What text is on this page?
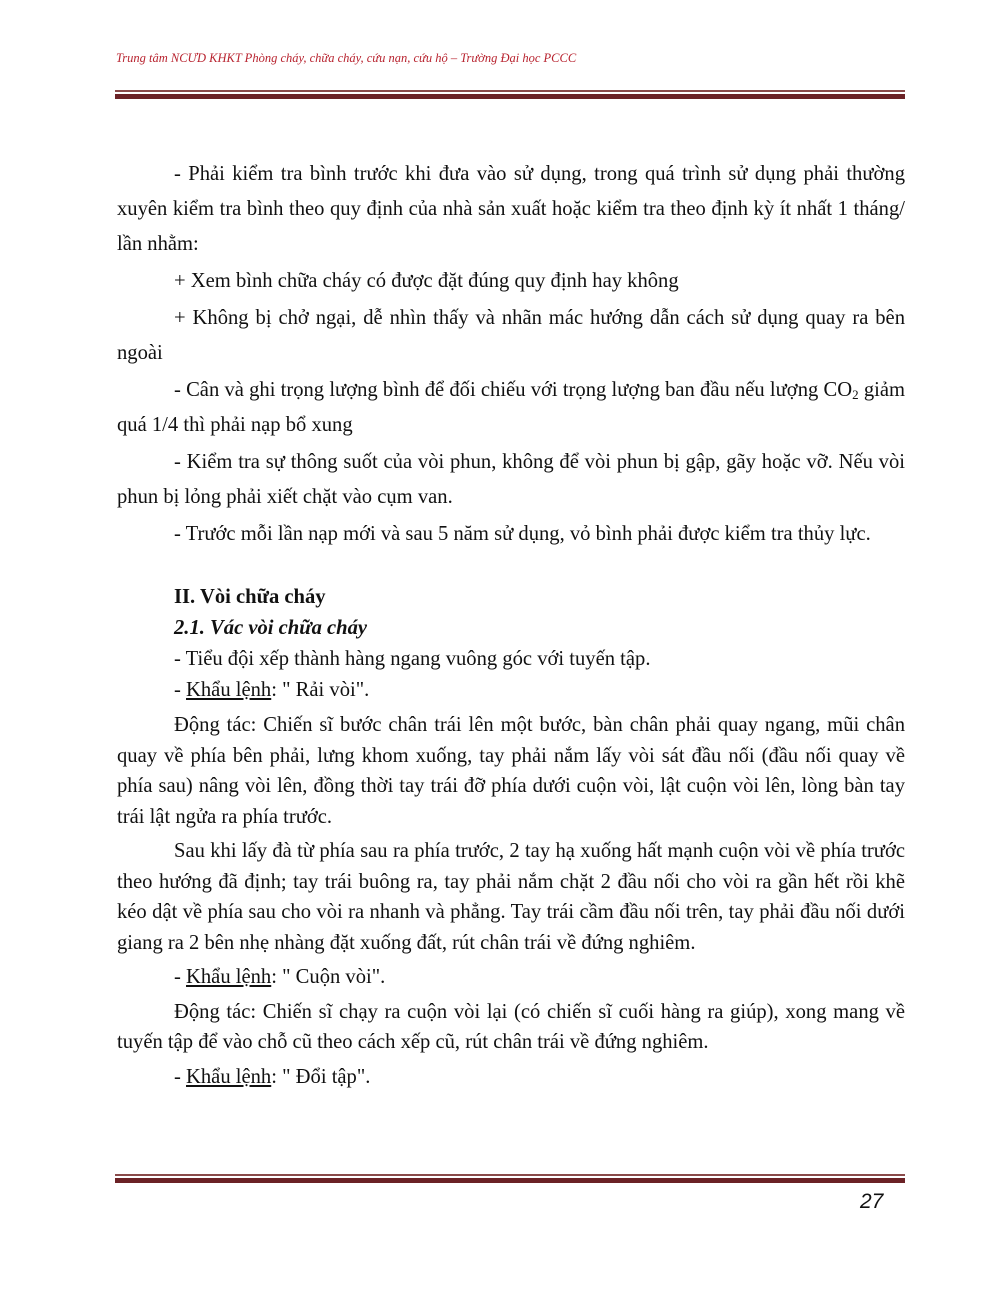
Trung tâm NCƯD KHKT Phòng cháy, chữa cháy, cứu nạn, cứu hộ – Trường Đại học PCCC

- Phải kiểm tra bình trước khi đưa vào sử dụng, trong quá trình sử dụng phải thường xuyên kiểm tra bình theo quy định của nhà sản xuất hoặc kiểm tra theo định kỳ ít nhất 1 tháng/ lần nhằm:

+ Xem bình chữa cháy có được đặt đúng quy định hay không

+ Không bị chở ngại, dễ nhìn thấy và nhãn mác hướng dẫn cách sử dụng quay ra bên ngoài

- Cân và ghi trọng lượng bình để đối chiếu với trọng lượng ban đầu nếu lượng $CO_2$ giảm quá 1/4 thì phải nạp bổ xung

- Kiểm tra sự thông suốt của vòi phun, không để vòi phun bị gập, gãy hoặc vỡ. Nếu vòi phun bị lỏng phải xiết chặt vào cụm van.

- Trước mỗi lần nạp mới và sau 5 năm sử dụng, vỏ bình phải được kiểm tra thủy lực.

II. Vòi chữa cháy

2.1. Vác vòi chữa cháy

- Tiểu đội xếp thành hàng ngang vuông góc với tuyến tập.

- Khẩu lệnh: " Rải vòi".

Động tác: Chiến sĩ bước chân trái lên một bước, bàn chân phải quay ngang, mũi chân quay về phía bên phải, lưng khom xuống, tay phải nắm lấy vòi sát đầu nối (đầu nối quay về phía sau) nâng vòi lên, đồng thời tay trái đỡ phía dưới cuộn vòi, lật cuộn vòi lên, lòng bàn tay trái lật ngửa ra phía trước.

Sau khi lấy đà từ phía sau ra phía trước, 2 tay hạ xuống hất mạnh cuộn vòi về phía trước theo hướng đã định; tay trái buông ra, tay phải nắm chặt 2 đầu nối cho vòi ra gần hết rồi khẽ kéo dật về phía sau cho vòi ra nhanh và phẳng. Tay trái cầm đầu nối trên, tay phải đầu nối dưới giang ra 2 bên nhẹ nhàng đặt xuống đất, rút chân trái về đứng nghiêm.

- Khẩu lệnh: " Cuộn vòi".

Động tác: Chiến sĩ chạy ra cuộn vòi lại (có chiến sĩ cuối hàng ra giúp), xong mang về tuyến tập để vào chỗ cũ theo cách xếp cũ, rút chân trái về đứng nghiêm.

- Khẩu lệnh: " Đổi tập".

27
